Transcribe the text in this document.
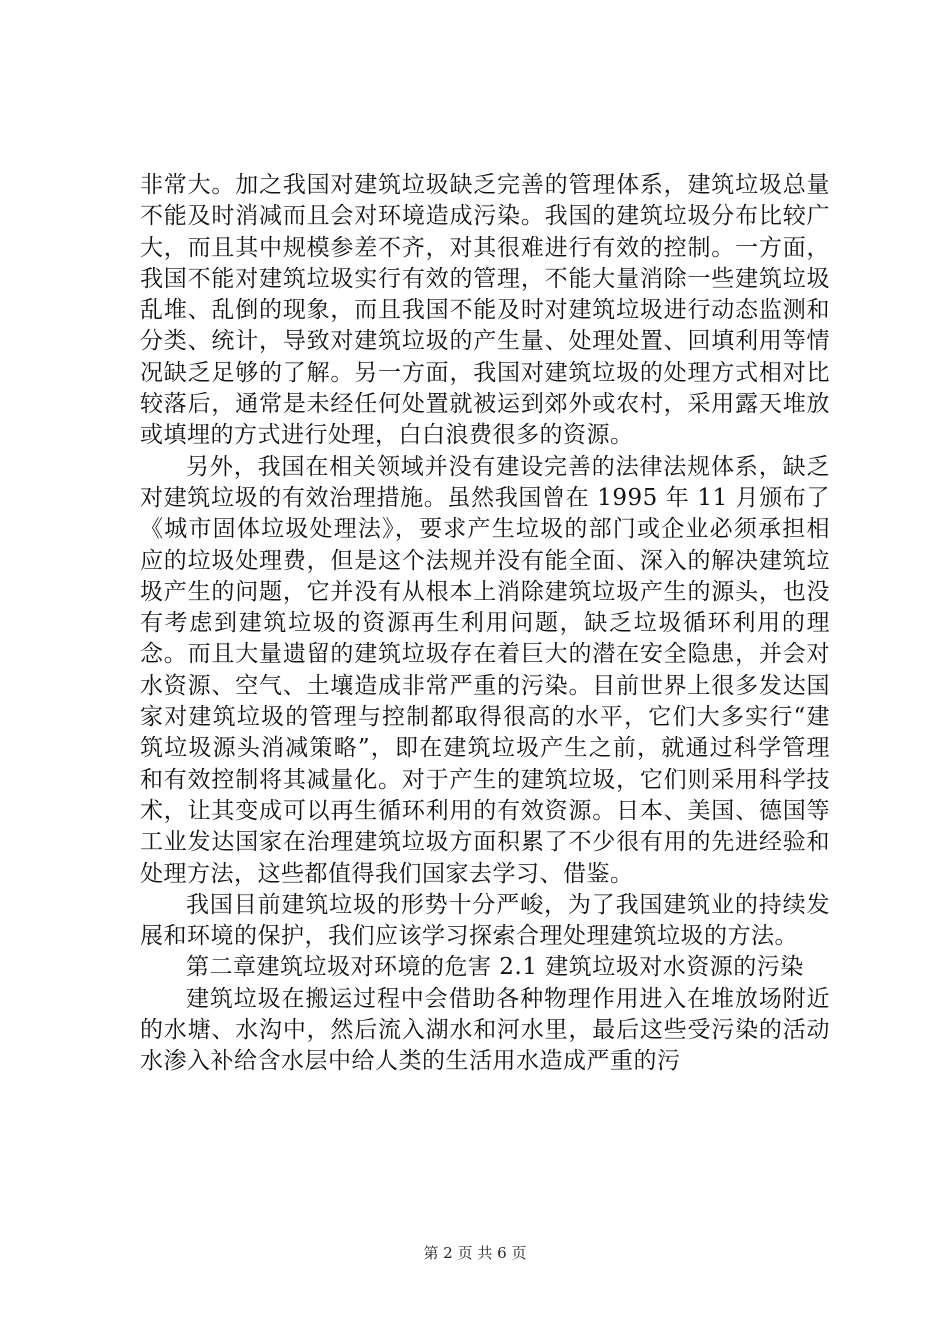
非常大。加之我国对建筑垃圾缺乏完善的管理体系，建筑垃圾总量不能及时消减而且会对环境造成污染。我国的建筑垃圾分布比较广大，而且其中规模参差不齐，对其很难进行有效的控制。一方面，我国不能对建筑垃圾实行有效的管理，不能大量消除一些建筑垃圾乱堆、乱倒的现象，而且我国不能及时对建筑垃圾进行动态监测和分类、统计，导致对建筑垃圾的产生量、处理处置、回填利用等情况缺乏足够的了解。另一方面，我国对建筑垃圾的处理方式相对比较落后，通常是未经任何处置就被运到郊外或农村，采用露天堆放或填埋的方式进行处理，白白浪费很多的资源。

另外，我国在相关领域并没有建设完善的法律法规体系，缺乏对建筑垃圾的有效治理措施。虽然我国曾在 1995 年 11 月颁布了《城市固体垃圾处理法》，要求产生垃圾的部门或企业必须承担相应的垃圾处理费，但是这个法规并没有能全面、深入的解决建筑垃圾产生的问题，它并没有从根本上消除建筑垃圾产生的源头，也没有考虑到建筑垃圾的资源再生利用问题，缺乏垃圾循环利用的理念。而且大量遗留的建筑垃圾存在着巨大的潜在安全隐患，并会对水资源、空气、土壤造成非常严重的污染。目前世界上很多发达国家对建筑垃圾的管理与控制都取得很高的水平，它们大多实行“建筑垃圾源头消减策略”，即在建筑垃圾产生之前，就通过科学管理和有效控制将其减量化。对于产生的建筑垃圾，它们则采用科学技术，让其变成可以再生循环利用的有效资源。日本、美国、德国等工业发达国家在治理建筑垃圾方面积累了不少很有用的先进经验和处理方法，这些都值得我们国家去学习、借鉴。

我国目前建筑垃圾的形势十分严峻，为了我国建筑业的持续发展和环境的保护，我们应该学习探索合理处理建筑垃圾的方法。

第二章建筑垃圾对环境的危害 2.1 建筑垃圾对水资源的污染

建筑垃圾在搬运过程中会借助各种物理作用进入在堆放场附近的水塘、水沟中，然后流入湖水和河水里，最后这些受污染的活动水渗入补给含水层中给人类的生活用水造成严重的污

第 2 页 共 6 页
